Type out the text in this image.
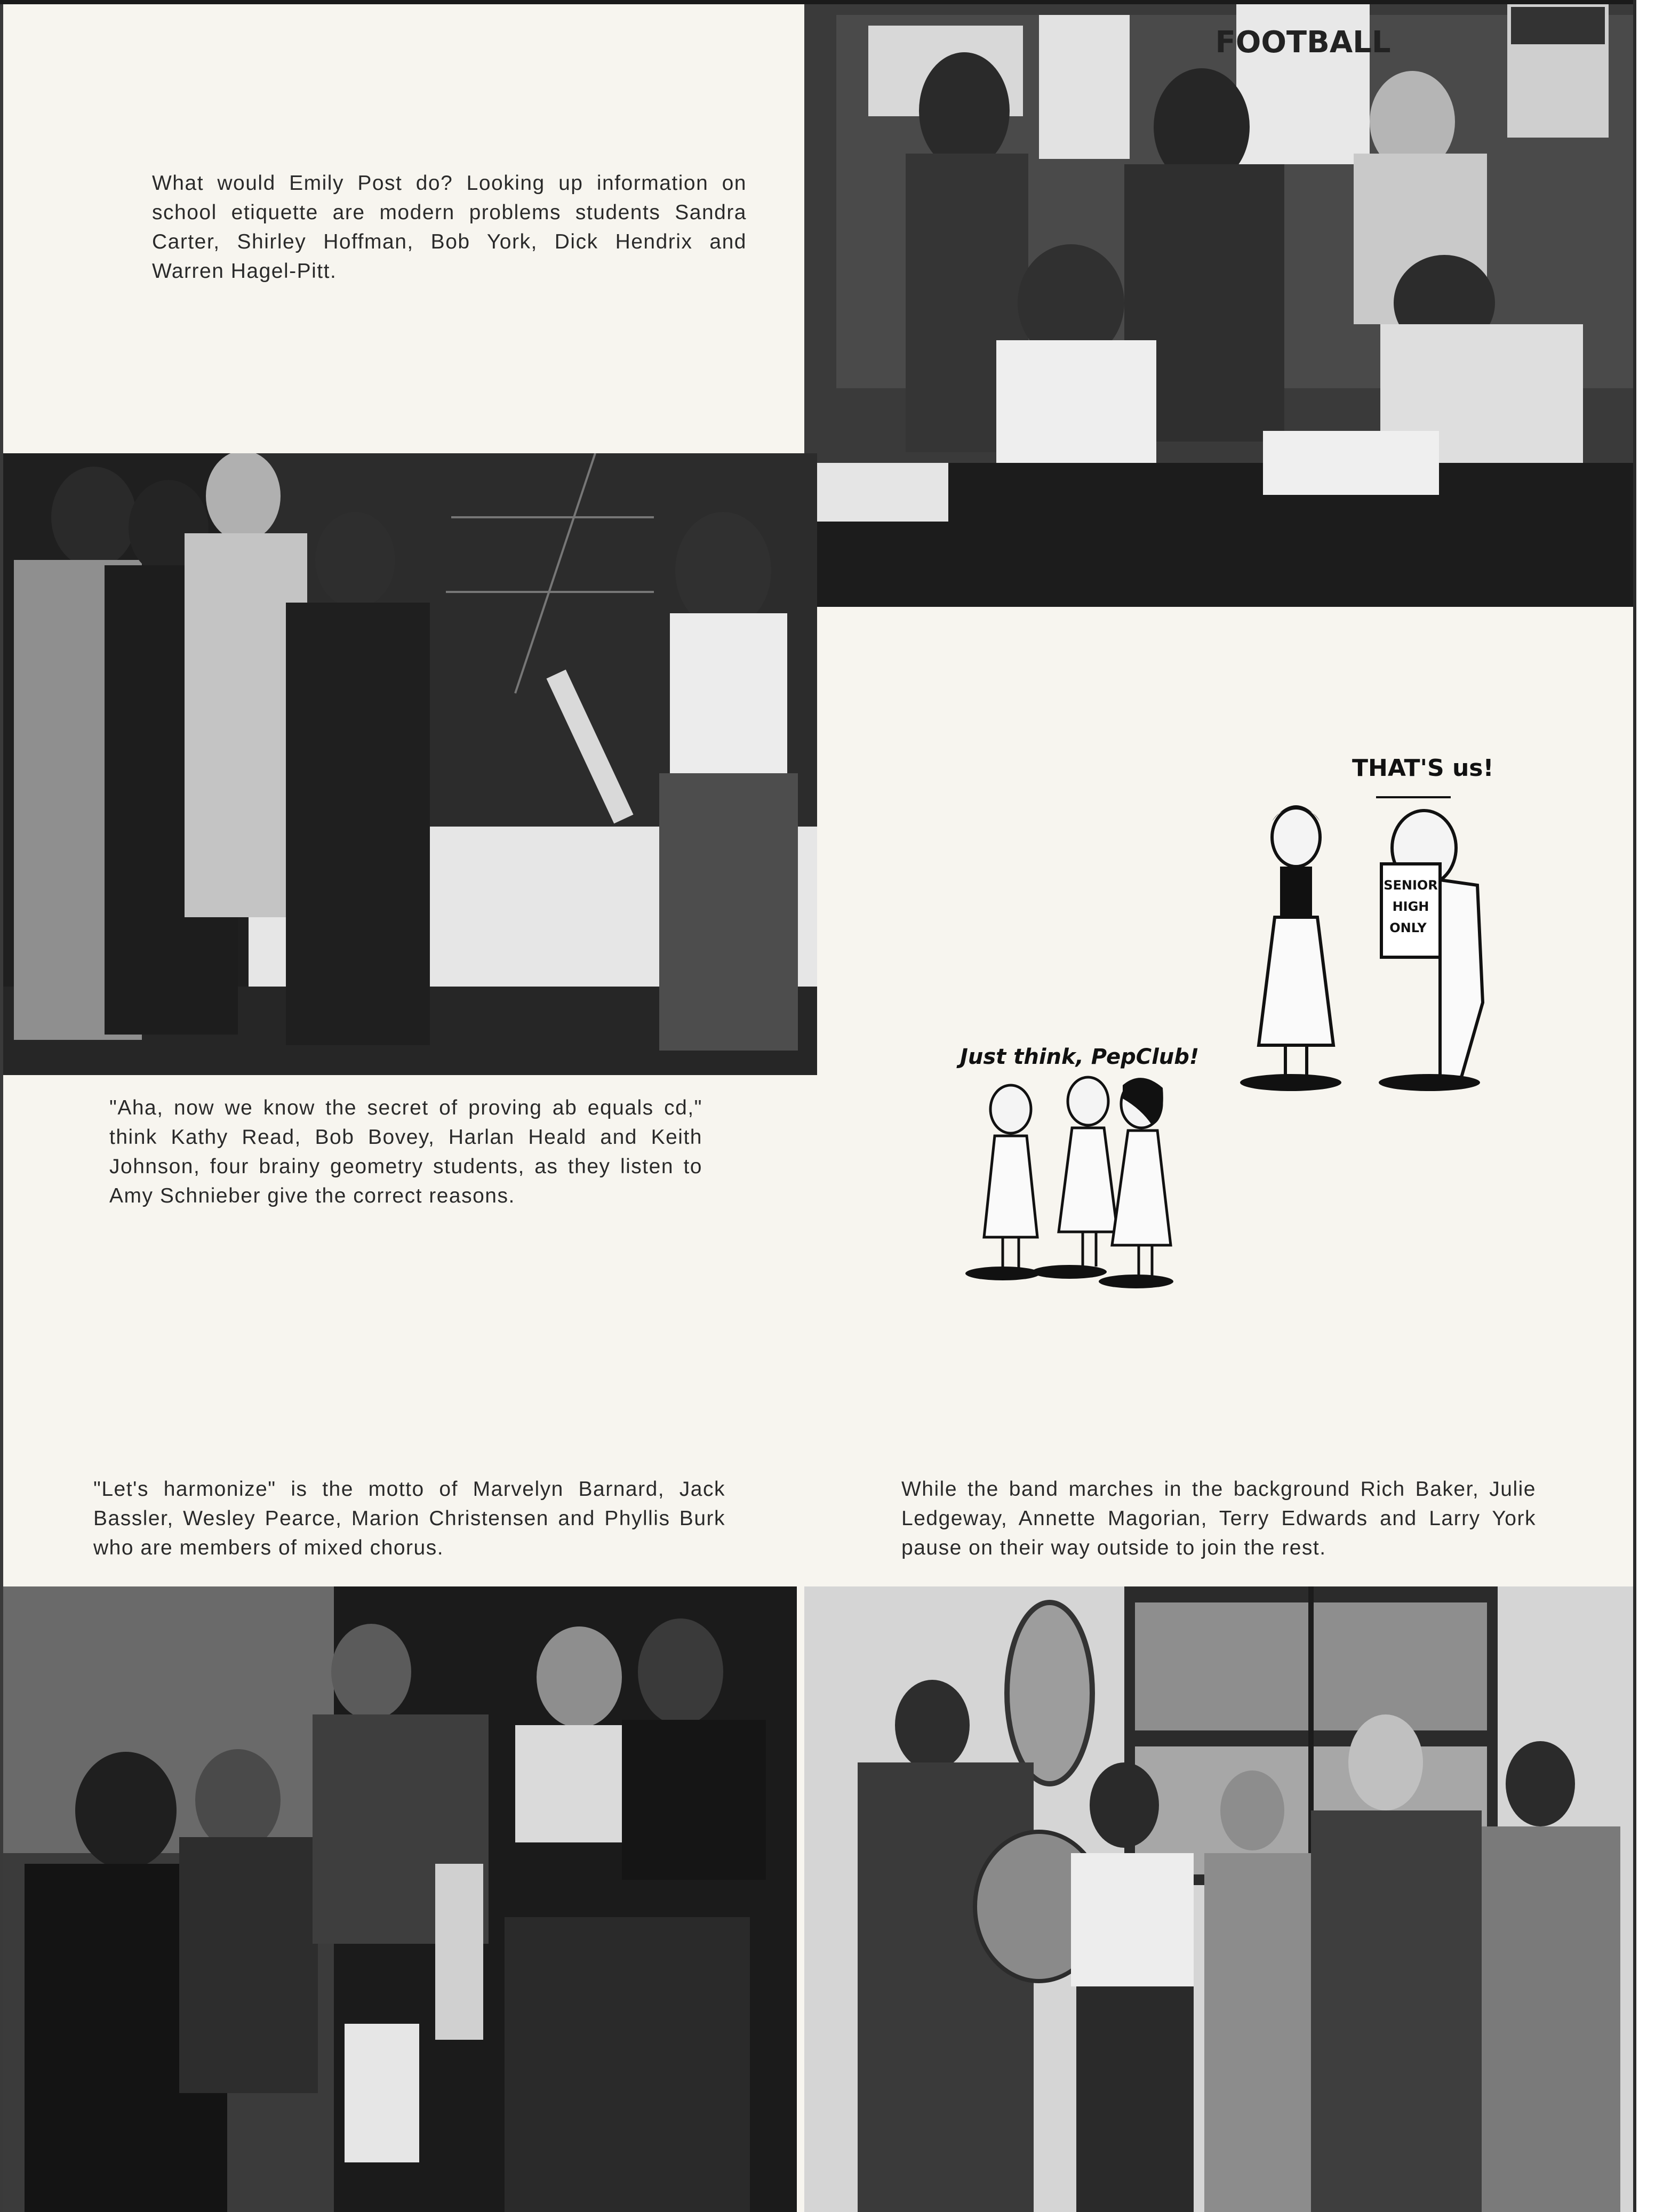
What would Emily Post do? Looking up information on school etiquette are modern problems students Sandra Carter, Shirley Hoffman, Bob York, Dick Hendrix and Warren Hagel-Pitt.

FOOTBALL

"Aha, now we know the secret of proving ab equals cd," think Kathy Read, Bob Bovey, Harlan Heald and Keith Johnson, four brainy geometry students, as they listen to Amy Schnieber give the correct reasons.

THAT'S us!
SENIOR
HIGH
ONLY
Just think, PepClub!

"Let's harmonize" is the motto of Marvelyn Barnard, Jack Bassler, Wesley Pearce, Marion Christensen and Phyllis Burk who are members of mixed chorus.

While the band marches in the background Rich Baker, Julie Ledgeway, Annette Magorian, Terry Edwards and Larry York pause on their way outside to join the rest.
